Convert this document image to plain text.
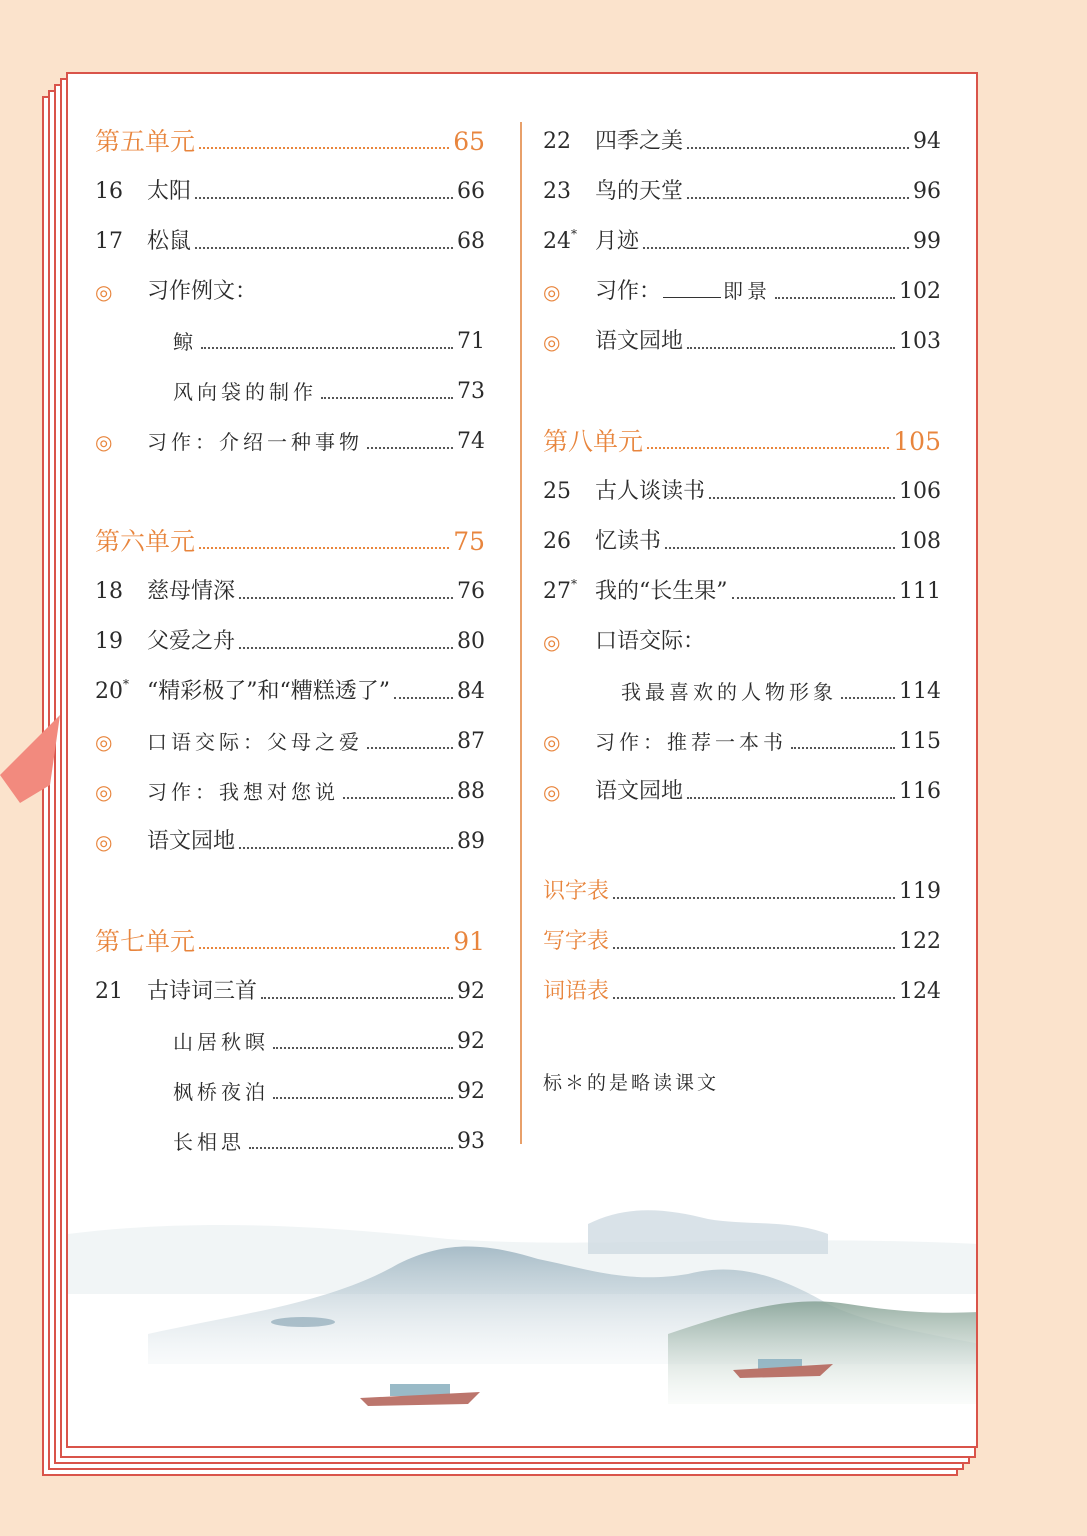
第五单元	65
16	太阳	66
17	松鼠	68
◎	习作例文：
鲸	71
风向袋的制作	73
◎	习作：介绍一种事物	74
第六单元	75
18	慈母情深	76
19	父爱之舟	80
20* “精彩极了”和“糟糕透了”	84
◎	口语交际：父母之爱	87
◎	习作：我想对您说	88
◎	语文园地	89
第七单元	91
21	古诗词三首	92
山居秋暝	92
枫桥夜泊	92
长相思	93
22	四季之美	94
23	鸟的天堂	96
24* 月迹	99
◎	习作：	即景	102
◎	语文园地	103
第八单元	105
25	古人谈读书	106
26	忆读书	108
27* 我的“长生果”	111
◎	口语交际：
我最喜欢的人物形象	114
◎	习作：推荐一本书	115
◎	语文园地	116
识字表	119
写字表	122
词语表	124
标＊的是略读课文
